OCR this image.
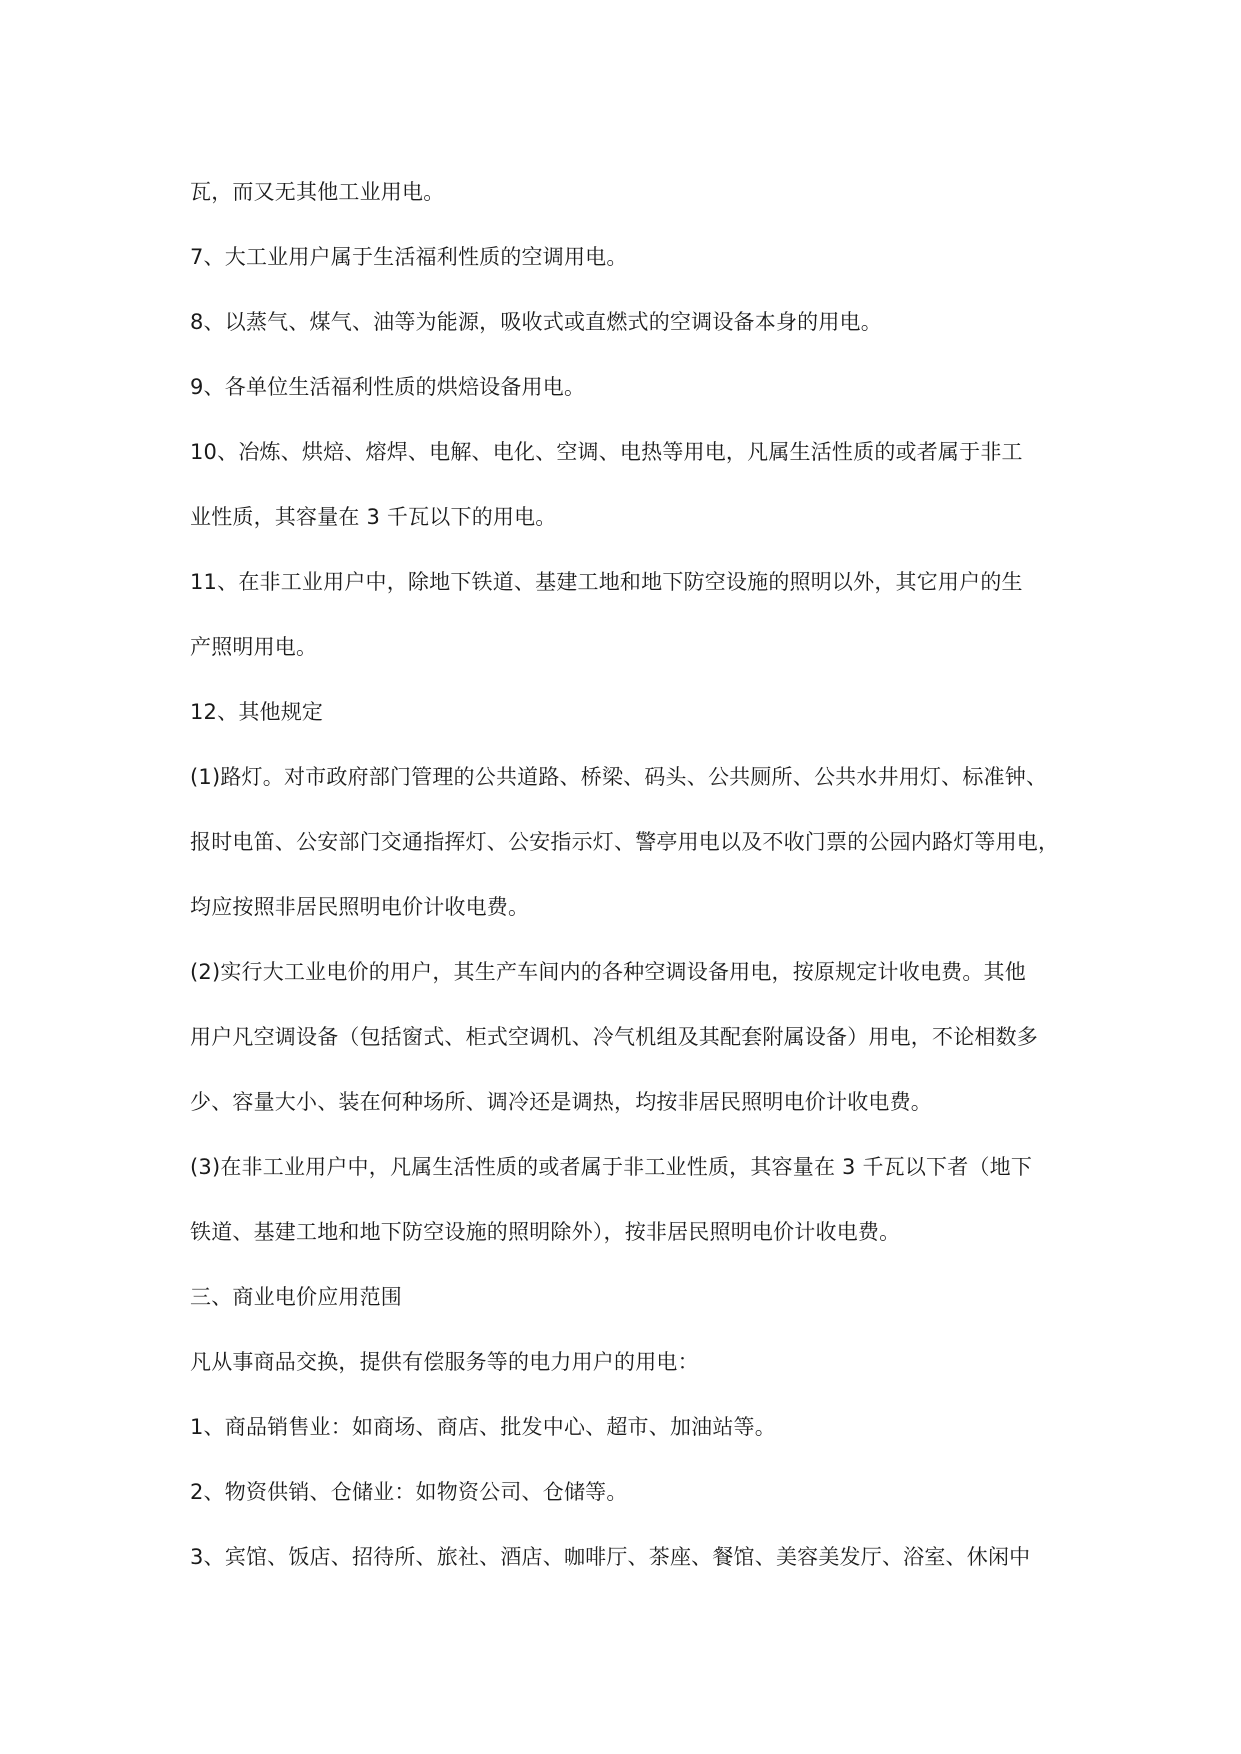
瓦，而又无其他工业用电。
7、大工业用户属于生活福利性质的空调用电。
8、以蒸气、煤气、油等为能源，吸收式或直燃式的空调设备本身的用电。
9、各单位生活福利性质的烘焙设备用电。
10、冶炼、烘焙、熔焊、电解、电化、空调、电热等用电，凡属生活性质的或者属于非工
业性质，其容量在 3 千瓦以下的用电。
11、在非工业用户中，除地下铁道、基建工地和地下防空设施的照明以外，其它用户的生
产照明用电。
12、其他规定
(1)路灯。对市政府部门管理的公共道路、桥梁、码头、公共厕所、公共水井用灯、标准钟、
报时电笛、公安部门交通指挥灯、公安指示灯、警亭用电以及不收门票的公园内路灯等用电，
均应按照非居民照明电价计收电费。
(2)实行大工业电价的用户，其生产车间内的各种空调设备用电，按原规定计收电费。其他
用户凡空调设备（包括窗式、柜式空调机、冷气机组及其配套附属设备）用电，不论相数多
少、容量大小、装在何种场所、调冷还是调热，均按非居民照明电价计收电费。
(3)在非工业用户中，凡属生活性质的或者属于非工业性质，其容量在 3 千瓦以下者（地下
铁道、基建工地和地下防空设施的照明除外），按非居民照明电价计收电费。
三、商业电价应用范围
凡从事商品交换，提供有偿服务等的电力用户的用电：
1、商品销售业：如商场、商店、批发中心、超市、加油站等。
2、物资供销、仓储业：如物资公司、仓储等。
3、宾馆、饭店、招待所、旅社、酒店、咖啡厅、茶座、餐馆、美容美发厅、浴室、休闲中
